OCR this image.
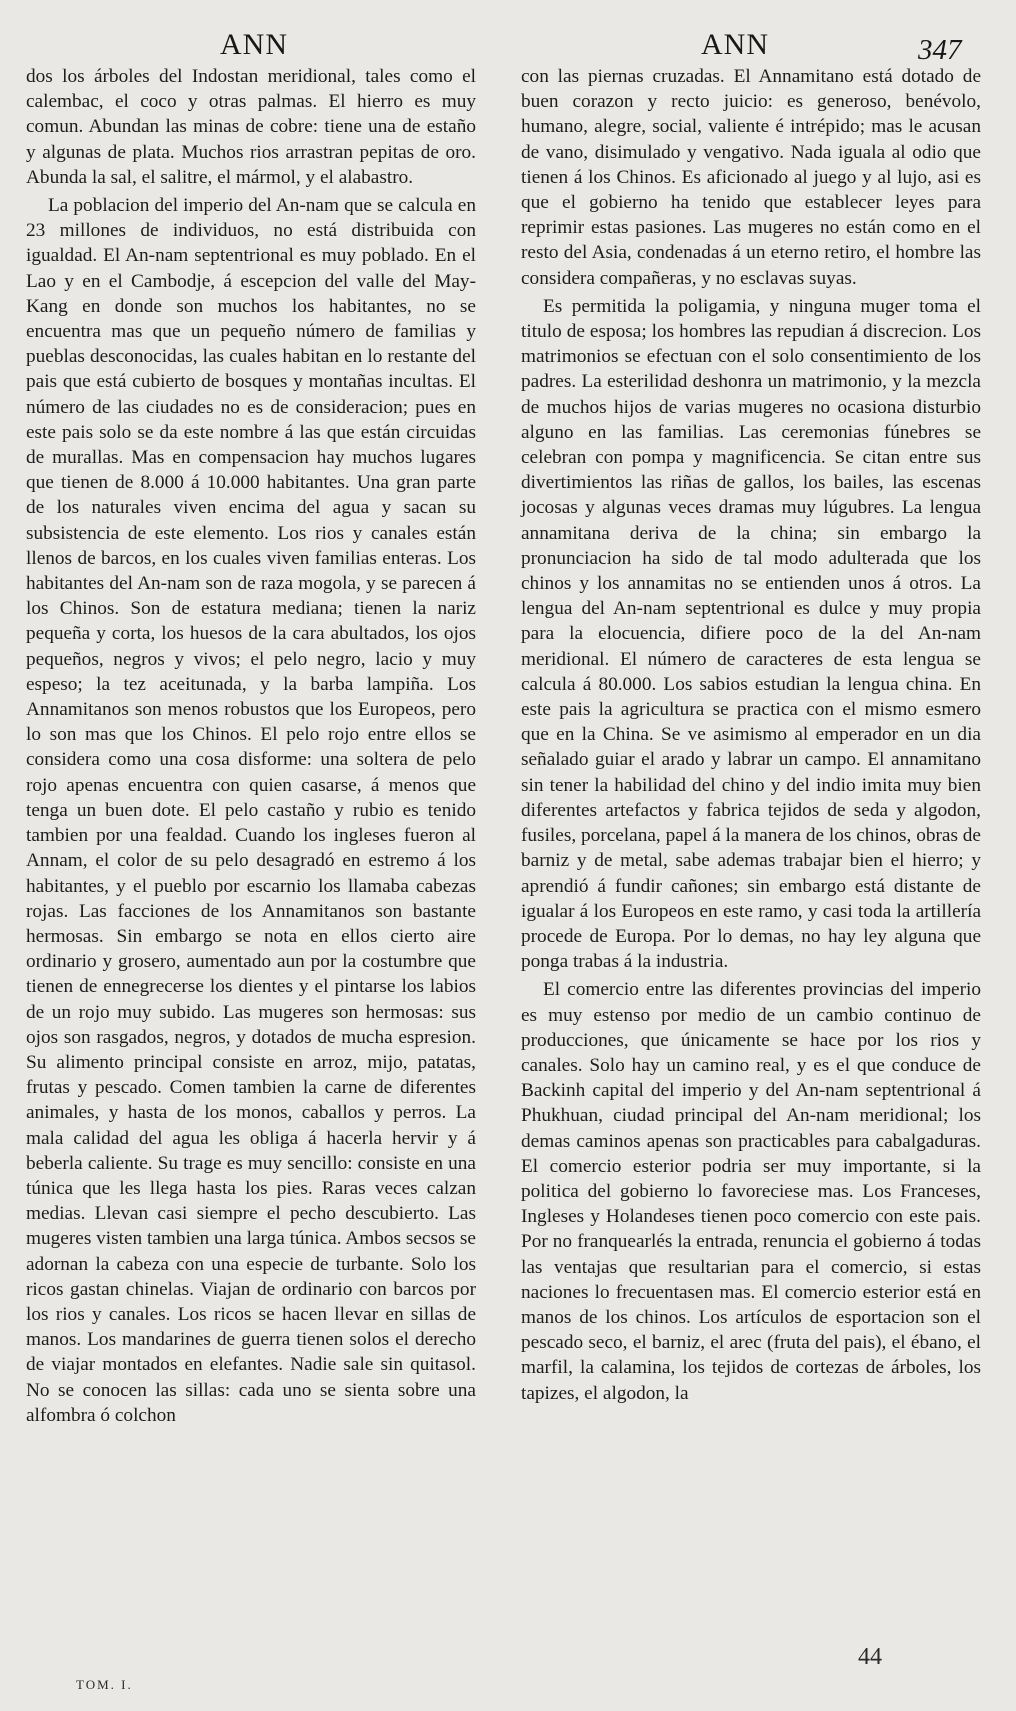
ANN	ANN	347

dos los árboles del Indostan meridional, tales como el calembac, el coco y otras palmas. El hierro es muy comun. Abundan las minas de cobre: tiene una de estaño y algunas de plata. Muchos rios arrastran pepitas de oro. Abunda la sal, el salitre, el mármol, y el alabastro.

La poblacion del imperio del An-nam que se calcula en 23 millones de individuos, no está distribuida con igualdad. El An-nam septentrional es muy poblado. En el Lao y en el Cambodje, á escepcion del valle del May-Kang en donde son muchos los habitantes, no se encuentra mas que un pequeño número de familias y pueblas desconocidas, las cuales habitan en lo restante del pais que está cubierto de bosques y montañas incultas. El número de las ciudades no es de consideracion; pues en este pais solo se da este nombre á las que están circuidas de murallas. Mas en compensacion hay muchos lugares que tienen de 8.000 á 10.000 habitantes. Una gran parte de los naturales viven encima del agua y sacan su subsistencia de este elemento. Los rios y canales están llenos de barcos, en los cuales viven familias enteras. Los habitantes del An-nam son de raza mogola, y se parecen á los Chinos. Son de estatura mediana; tienen la nariz pequeña y corta, los huesos de la cara abultados, los ojos pequeños, negros y vivos; el pelo negro, lacio y muy espeso; la tez aceitunada, y la barba lampiña. Los Annamitanos son menos robustos que los Europeos, pero lo son mas que los Chinos. El pelo rojo entre ellos se considera como una cosa disforme: una soltera de pelo rojo apenas encuentra con quien casarse, á menos que tenga un buen dote. El pelo castaño y rubio es tenido tambien por una fealdad. Cuando los ingleses fueron al Annam, el color de su pelo desagradó en estremo á los habitantes, y el pueblo por escarnio los llamaba cabezas rojas. Las facciones de los Annamitanos son bastante hermosas. Sin embargo se nota en ellos cierto aire ordinario y grosero, aumentado aun por la costumbre que tienen de ennegrecerse los dientes y el pintarse los labios de un rojo muy subido. Las mugeres son hermosas: sus ojos son rasgados, negros, y dotados de mucha espresion. Su alimento principal consiste en arroz, mijo, patatas, frutas y pescado. Comen tambien la carne de diferentes animales, y hasta de los monos, caballos y perros. La mala calidad del agua les obliga á hacerla hervir y á beberla caliente. Su trage es muy sencillo: consiste en una túnica que les llega hasta los pies. Raras veces calzan medias. Llevan casi siempre el pecho descubierto. Las mugeres visten tambien una larga túnica. Ambos secsos se adornan la cabeza con una especie de turbante. Solo los ricos gastan chinelas. Viajan de ordinario con barcos por los rios y canales. Los ricos se hacen llevar en sillas de manos. Los mandarines de guerra tienen solos el derecho de viajar montados en elefantes. Nadie sale sin quitasol. No se conocen las sillas: cada uno se sienta sobre una alfombra ó colchon

con las piernas cruzadas. El Annamitano está dotado de buen corazon y recto juicio: es generoso, benévolo, humano, alegre, social, valiente é intrépido; mas le acusan de vano, disimulado y vengativo. Nada iguala al odio que tienen á los Chinos. Es aficionado al juego y al lujo, asi es que el gobierno ha tenido que establecer leyes para reprimir estas pasiones. Las mugeres no están como en el resto del Asia, condenadas á un eterno retiro, el hombre las considera compañeras, y no esclavas suyas.

Es permitida la poligamia, y ninguna muger toma el titulo de esposa; los hombres las repudian á discrecion. Los matrimonios se efectuan con el solo consentimiento de los padres. La esterilidad deshonra un matrimonio, y la mezcla de muchos hijos de varias mugeres no ocasiona disturbio alguno en las familias. Las ceremonias fúnebres se celebran con pompa y magnificencia. Se citan entre sus divertimientos las riñas de gallos, los bailes, las escenas jocosas y algunas veces dramas muy lúgubres. La lengua annamitana deriva de la china; sin embargo la pronunciacion ha sido de tal modo adulterada que los chinos y los annamitas no se entienden unos á otros. La lengua del An-nam septentrional es dulce y muy propia para la elocuencia, difiere poco de la del An-nam meridional. El número de caracteres de esta lengua se calcula á 80.000. Los sabios estudian la lengua china. En este pais la agricultura se practica con el mismo esmero que en la China. Se ve asimismo al emperador en un dia señalado guiar el arado y labrar un campo. El annamitano sin tener la habilidad del chino y del indio imita muy bien diferentes artefactos y fabrica tejidos de seda y algodon, fusiles, porcelana, papel á la manera de los chinos, obras de barniz y de metal, sabe ademas trabajar bien el hierro; y aprendió á fundir cañones; sin embargo está distante de igualar á los Europeos en este ramo, y casi toda la artillería procede de Europa. Por lo demas, no hay ley alguna que ponga trabas á la industria.

El comercio entre las diferentes provincias del imperio es muy estenso por medio de un cambio continuo de producciones, que únicamente se hace por los rios y canales. Solo hay un camino real, y es el que conduce de Backinh capital del imperio y del An-nam septentrional á Phukhuan, ciudad principal del An-nam meridional; los demas caminos apenas son practicables para cabalgaduras. El comercio esterior podria ser muy importante, si la politica del gobierno lo favoreciese mas. Los Franceses, Ingleses y Holandeses tienen poco comercio con este pais. Por no franquearlés la entrada, renuncia el gobierno á todas las ventajas que resultarian para el comercio, si estas naciones lo frecuentasen mas. El comercio esterior está en manos de los chinos. Los artículos de esportacion son el pescado seco, el barniz, el arec (fruta del pais), el ébano, el marfil, la calamina, los tejidos de cortezas de árboles, los tapizes, el algodon, la

TOM. I.
44
